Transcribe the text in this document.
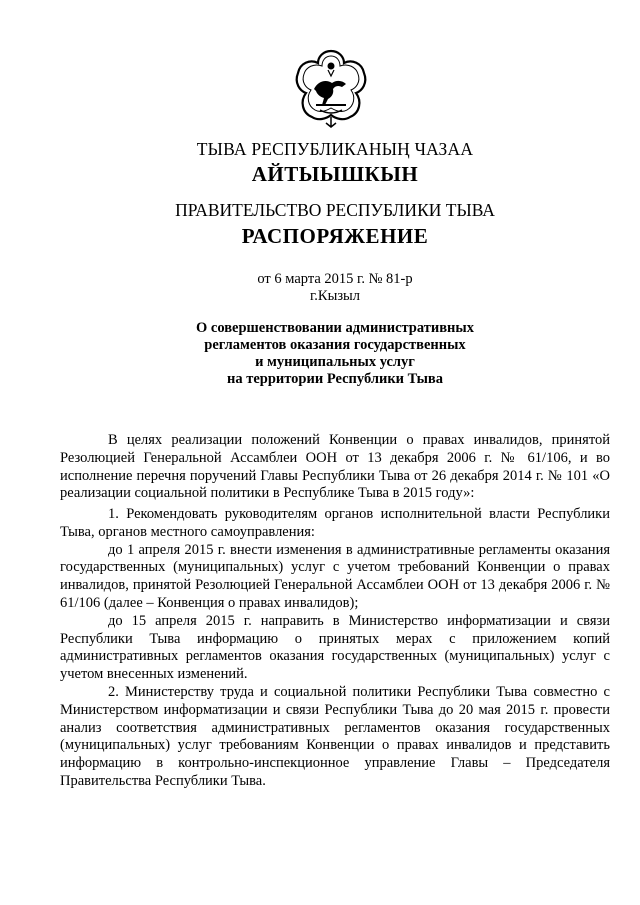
ТЫВА РЕСПУБЛИКАНЫҢ ЧАЗАА
АЙТЫЫШКЫН
ПРАВИТЕЛЬСТВО РЕСПУБЛИКИ ТЫВА
РАСПОРЯЖЕНИЕ
от 6 марта 2015 г. № 81-р
г.Кызыл
О совершенствовании административных
регламентов оказания государственных
и муниципальных услуг
на территории Республики Тыва

В целях реализации положений Конвенции о правах инвалидов, принятой Резолюцией Генеральной Ассамблеи ООН от 13 декабря 2006 г. № 61/106, и во исполнение перечня поручений Главы Республики Тыва от 26 декабря 2014 г. № 101 «О реализации социальной политики в Республике Тыва в 2015 году»:

1. Рекомендовать руководителям органов исполнительной власти Республики Тыва, органов местного самоуправления:

до 1 апреля 2015 г. внести изменения в административные регламенты оказания государственных (муниципальных) услуг с учетом требований Конвенции о правах инвалидов, принятой Резолюцией Генеральной Ассамблеи ООН от 13 декабря 2006 г. № 61/106 (далее – Конвенция о правах инвалидов);

до 15 апреля 2015 г. направить в Министерство информатизации и связи Республики Тыва информацию о принятых мерах с приложением копий административных регламентов оказания государственных (муниципальных) услуг с учетом внесенных изменений.

2. Министерству труда и социальной политики Республики Тыва совместно с Министерством информатизации и связи Республики Тыва до 20 мая 2015 г. провести анализ соответствия административных регламентов оказания государственных (муниципальных) услуг требованиям Конвенции о правах инвалидов и представить информацию в контрольно-инспекционное управление Главы – Председателя Правительства Республики Тыва.
